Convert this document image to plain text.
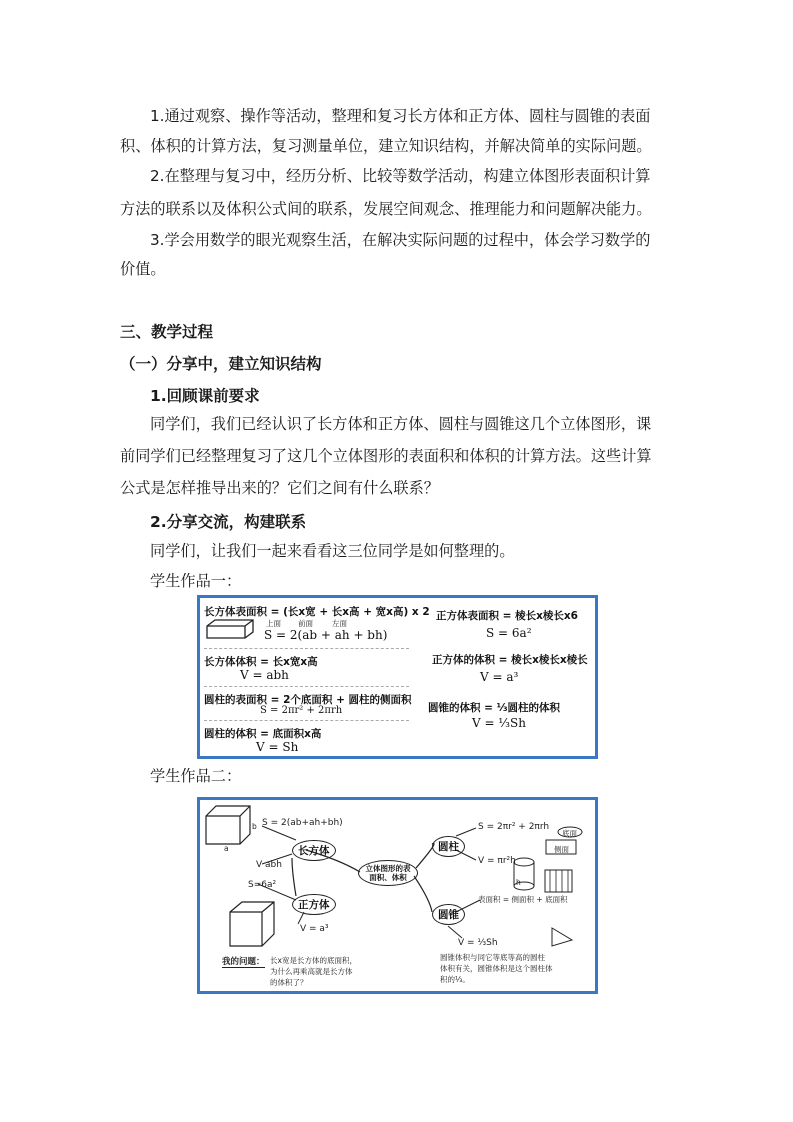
1.通过观察、操作等活动，整理和复习长方体和正方体、圆柱与圆锥的表面
积、体积的计算方法，复习测量单位，建立知识结构，并解决简单的实际问题。
2.在整理与复习中，经历分析、比较等数学活动，构建立体图形表面积计算
方法的联系以及体积公式间的联系，发展空间观念、推理能力和问题解决能力。
3.学会用数学的眼光观察生活，在解决实际问题的过程中，体会学习数学的
价值。
三、教学过程
（一）分享中，建立知识结构
1.回顾课前要求
同学们，我们已经认识了长方体和正方体、圆柱与圆锥这几个立体图形，课
前同学们已经整理复习了这几个立体图形的表面积和体积的计算方法。这些计算
公式是怎样推导出来的？它们之间有什么联系？
2.分享交流，构建联系
同学们，让我们一起来看看这三位同学是如何整理的。
学生作品一：
学生作品二：
长方体表面积 = (长x宽 + 长x高 + 宽x高) x 2
上面 前面	左面
S = 2(ab + ah + bh)
正方体表面积 = 棱长x棱长x6
S = 6a²
长方体体积 = 长x宽x高
V = abh
正方体的体积 = 棱长x棱长x棱长
V = a³
圆柱的表面积 = 2个底面积 + 圆柱的侧面积
S = 2πr² + 2πrh	圆锥的体积 = ⅓圆柱的体积
V = ⅓Sh
圆柱的体积 = 底面积x高
V = Sh
长方体
正方体
立体图形的表面积、体积
圆柱
圆锥
S = 2(ab+ah+bh)
V abh
S=6a²
V = a³
S = 2πr² + 2πrh
V = πr²h
表面积 = 侧面积 + 底面积
V = ⅓Sh
a
b
h
底面
侧面
我的问题： 长x宽是长方体的底面积，
为什么再乘高就是长方体
的体积了？
圆锥体积与同它等底等高的圆柱
体积有关，圆锥体积是这个圆柱体
积的⅓。
